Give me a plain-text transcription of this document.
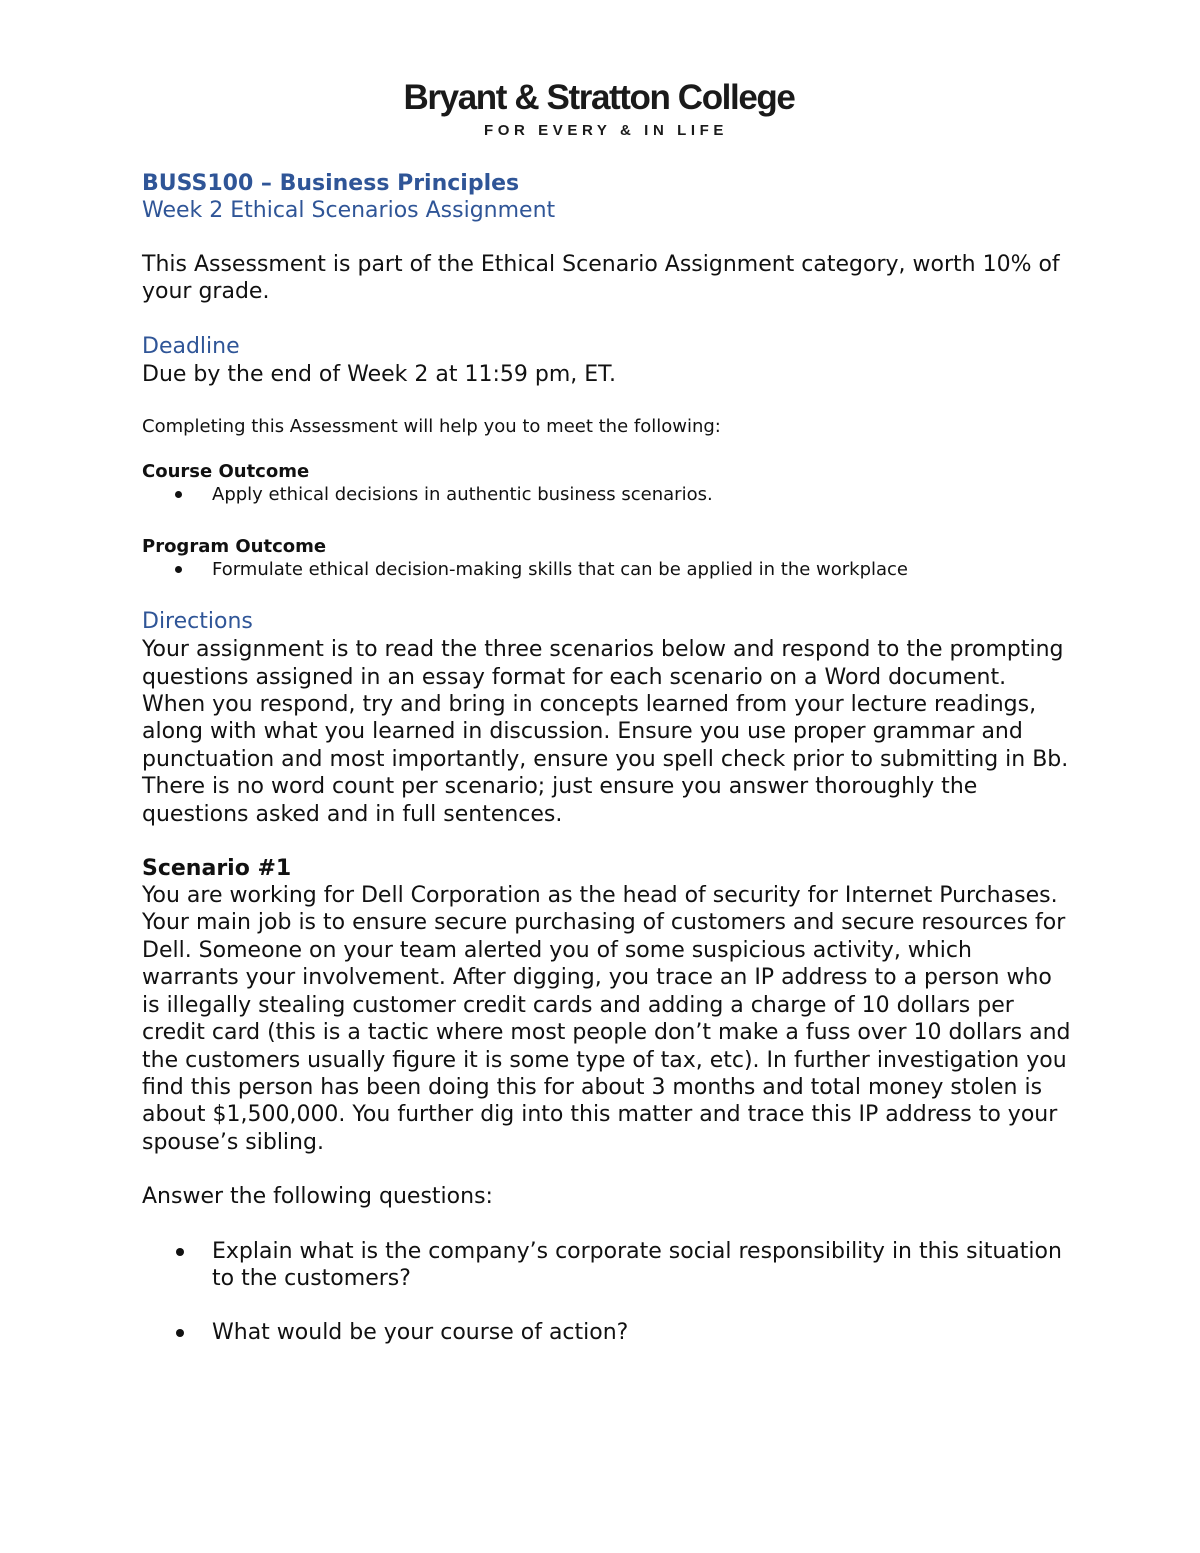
Bryant & Stratton College
FOR EVERY & IN LIFE
BUSS100 – Business Principles
Week 2 Ethical Scenarios Assignment
This Assessment is part of the Ethical Scenario Assignment category, worth 10% of your grade.
Deadline
Due by the end of Week 2 at 11:59 pm, ET.
Completing this Assessment will help you to meet the following:
Course Outcome
Apply ethical decisions in authentic business scenarios.
Program Outcome
Formulate ethical decision-making skills that can be applied in the workplace
Directions
Your assignment is to read the three scenarios below and respond to the prompting questions assigned in an essay format for each scenario on a Word document. When you respond, try and bring in concepts learned from your lecture readings, along with what you learned in discussion. Ensure you use proper grammar and punctuation and most importantly, ensure you spell check prior to submitting in Bb. There is no word count per scenario; just ensure you answer thoroughly the questions asked and in full sentences.
Scenario #1
You are working for Dell Corporation as the head of security for Internet Purchases. Your main job is to ensure secure purchasing of customers and secure resources for Dell. Someone on your team alerted you of some suspicious activity, which warrants your involvement. After digging, you trace an IP address to a person who is illegally stealing customer credit cards and adding a charge of 10 dollars per credit card (this is a tactic where most people don’t make a fuss over 10 dollars and the customers usually figure it is some type of tax, etc). In further investigation you find this person has been doing this for about 3 months and total money stolen is about $1,500,000. You further dig into this matter and trace this IP address to your spouse’s sibling.
Answer the following questions:
Explain what is the company’s corporate social responsibility in this situation to the customers?
What would be your course of action?
